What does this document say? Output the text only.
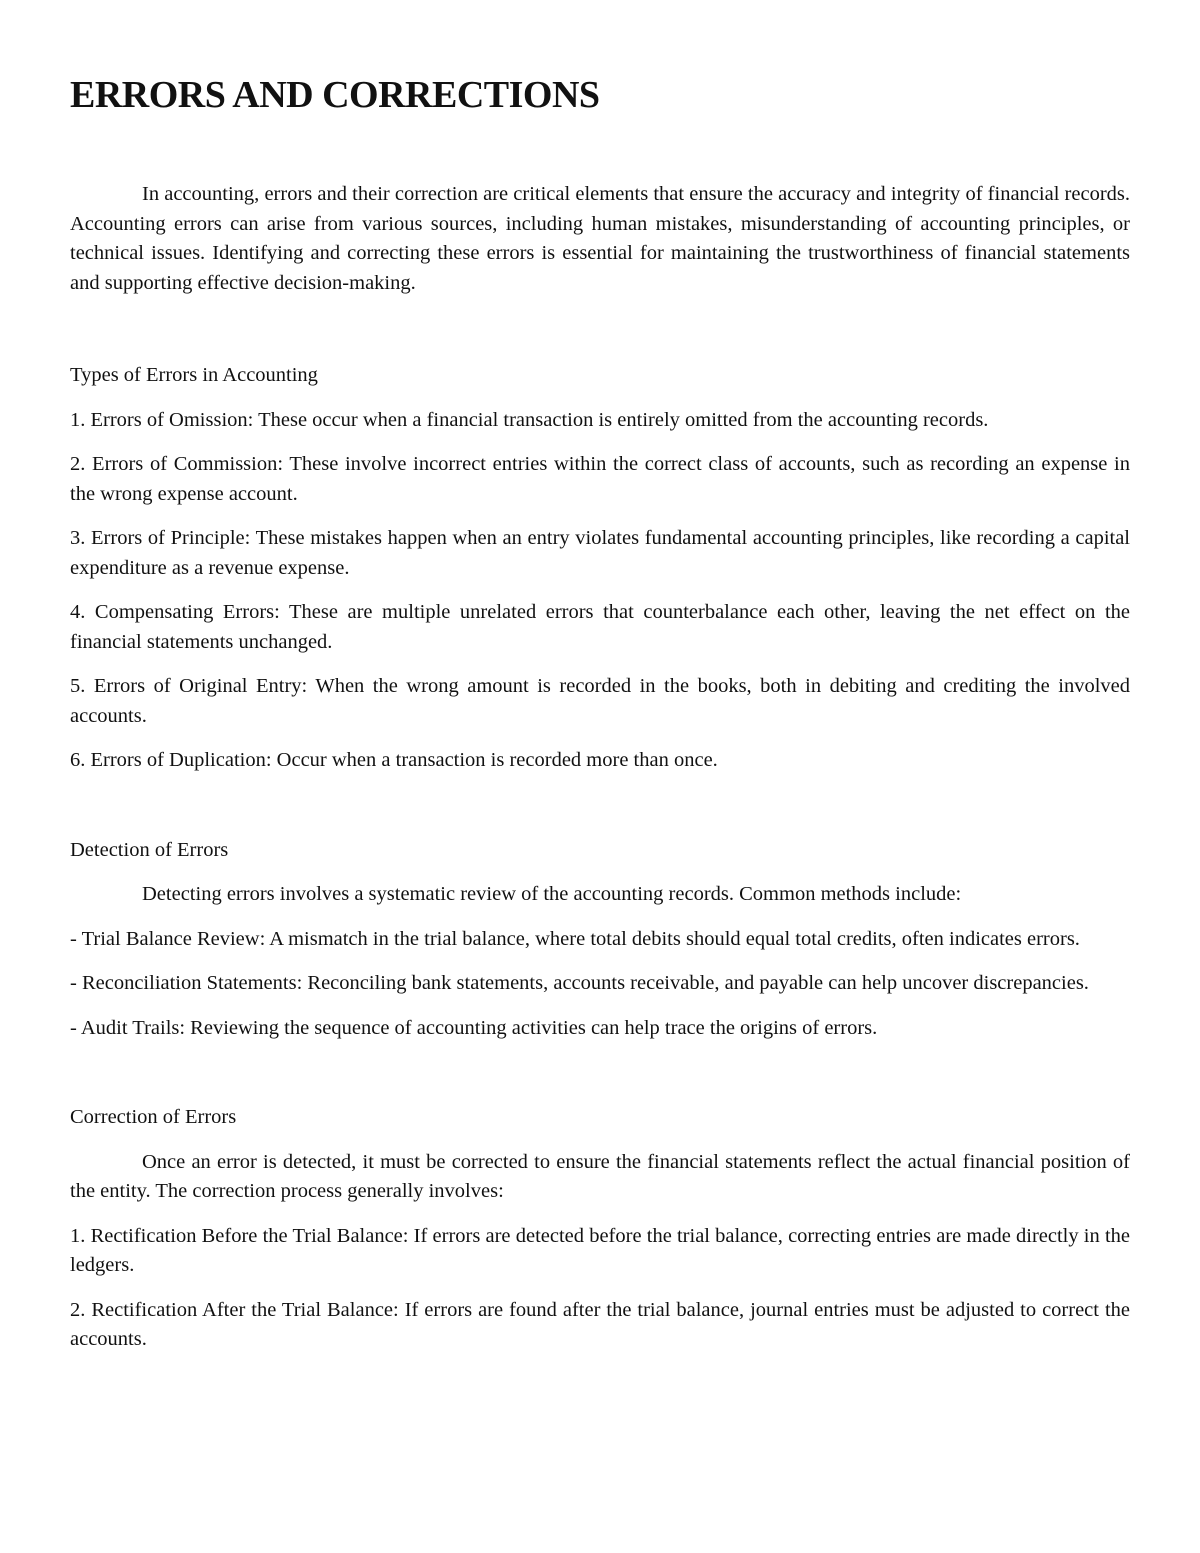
ERRORS AND CORRECTIONS

In accounting, errors and their correction are critical elements that ensure the accuracy and integrity of financial records. Accounting errors can arise from various sources, including human mistakes, misunderstanding of accounting principles, or technical issues. Identifying and correcting these errors is essential for maintaining the trustworthiness of financial statements and supporting effective decision-making.

Types of Errors in Accounting

1. Errors of Omission: These occur when a financial transaction is entirely omitted from the accounting records.

2. Errors of Commission: These involve incorrect entries within the correct class of accounts, such as recording an expense in the wrong expense account.

3. Errors of Principle: These mistakes happen when an entry violates fundamental accounting principles, like recording a capital expenditure as a revenue expense.

4. Compensating Errors: These are multiple unrelated errors that counterbalance each other, leaving the net effect on the financial statements unchanged.

5. Errors of Original Entry: When the wrong amount is recorded in the books, both in debiting and crediting the involved accounts.

6. Errors of Duplication: Occur when a transaction is recorded more than once.

Detection of Errors

Detecting errors involves a systematic review of the accounting records. Common methods include:

- Trial Balance Review: A mismatch in the trial balance, where total debits should equal total credits, often indicates errors.

- Reconciliation Statements: Reconciling bank statements, accounts receivable, and payable can help uncover discrepancies.

- Audit Trails: Reviewing the sequence of accounting activities can help trace the origins of errors.

Correction of Errors

Once an error is detected, it must be corrected to ensure the financial statements reflect the actual financial position of the entity. The correction process generally involves:

1. Rectification Before the Trial Balance: If errors are detected before the trial balance, correcting entries are made directly in the ledgers.

2. Rectification After the Trial Balance: If errors are found after the trial balance, journal entries must be adjusted to correct the accounts.
